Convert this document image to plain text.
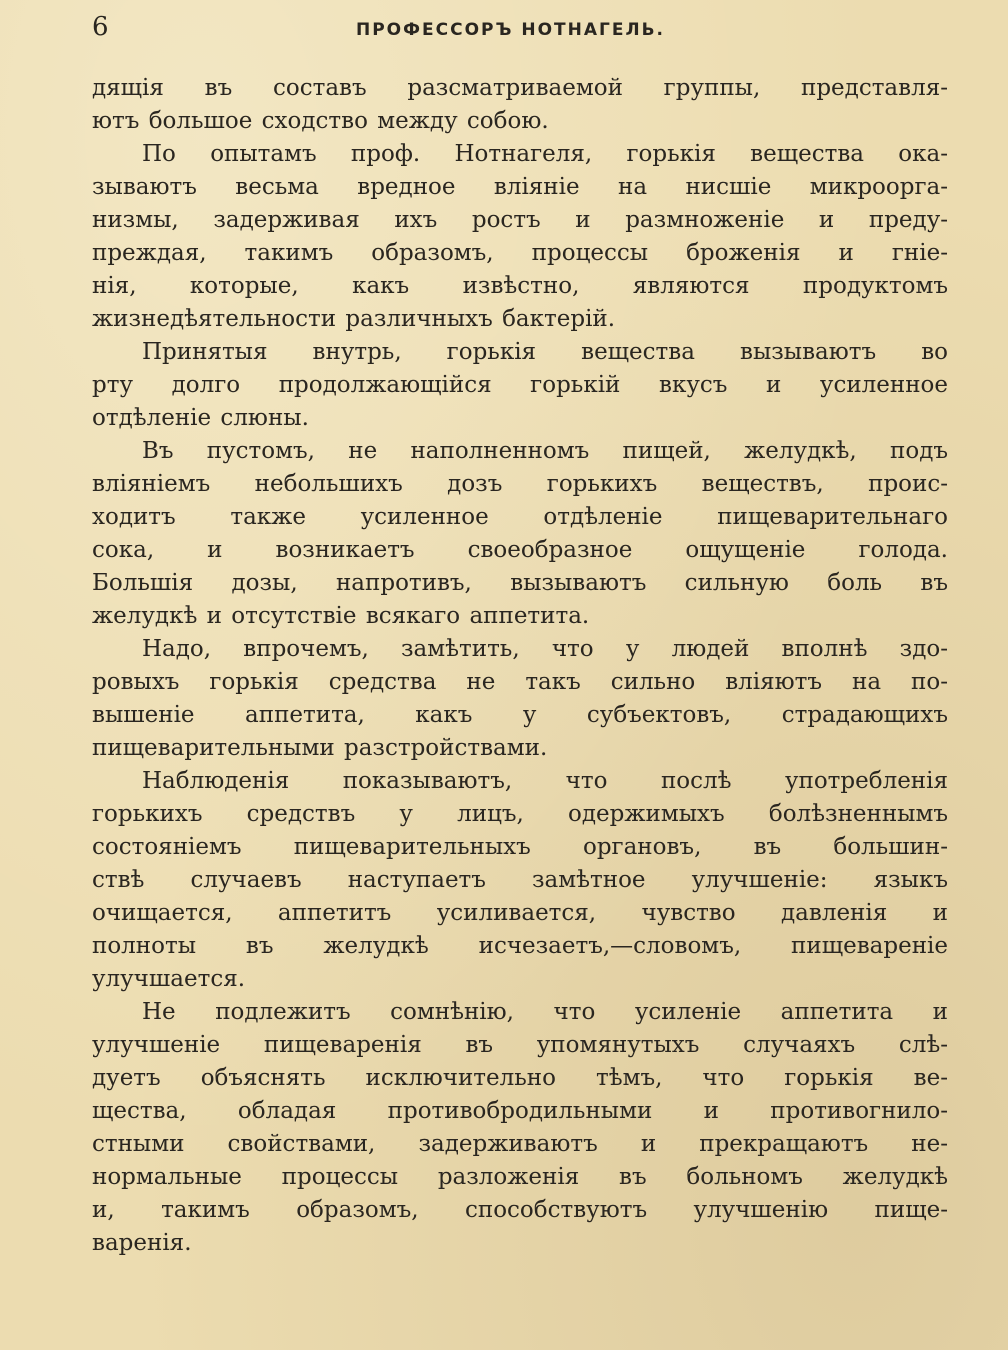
6	ПРОФЕССОРЪ НОТНАГЕЛЬ.

дящія въ составъ разсматриваемой группы, представля-
ютъ большое сходство между собою.

По опытамъ проф. Нотнагеля, горькія вещества ока-
зываютъ весьма вредное вліяніе на нисшіе микроорга-
низмы, задерживая ихъ ростъ и размноженіе и преду-
преждая, такимъ образомъ, процессы броженія и гніе-
нія, которые, какъ извѣстно, являются продуктомъ
жизнедѣятельности различныхъ бактерій.

Принятыя внутрь, горькія вещества вызываютъ во
рту долго продолжающійся горькій вкусъ и усиленное
отдѣленіе слюны.

Въ пустомъ, не наполненномъ пищей, желудкѣ, подъ
вліяніемъ небольшихъ дозъ горькихъ веществъ, проис-
ходитъ также усиленное отдѣленіе пищеварительнаго
сока, и возникаетъ своеобразное ощущеніе голода.
Большія дозы, напротивъ, вызываютъ сильную боль въ
желудкѣ и отсутствіе всякаго аппетита.

Надо, впрочемъ, замѣтить, что у людей вполнѣ здо-
ровыхъ горькія средства не такъ сильно вліяютъ на по-
вышеніе аппетита, какъ у субъектовъ, страдающихъ
пищеварительными разстройствами.

Наблюденія показываютъ, что послѣ употребленія
горькихъ средствъ у лицъ, одержимыхъ болѣзненнымъ
состояніемъ пищеварительныхъ органовъ, въ большин-
ствѣ случаевъ наступаетъ замѣтное улучшеніе: языкъ
очищается, аппетитъ усиливается, чувство давленія и
полноты въ желудкѣ исчезаетъ,—словомъ, пищевареніе
улучшается.

Не подлежитъ сомнѣнію, что усиленіе аппетита и
улучшеніе пищеваренія въ упомянутыхъ случаяхъ слѣ-
дуетъ объяснять исключительно тѣмъ, что горькія ве-
щества, обладая противобродильными и противогнило-
стными свойствами, задерживаютъ и прекращаютъ не-
нормальные процессы разложенія въ больномъ желудкѣ
и, такимъ образомъ, способствуютъ улучшенію пище-
варенія.
